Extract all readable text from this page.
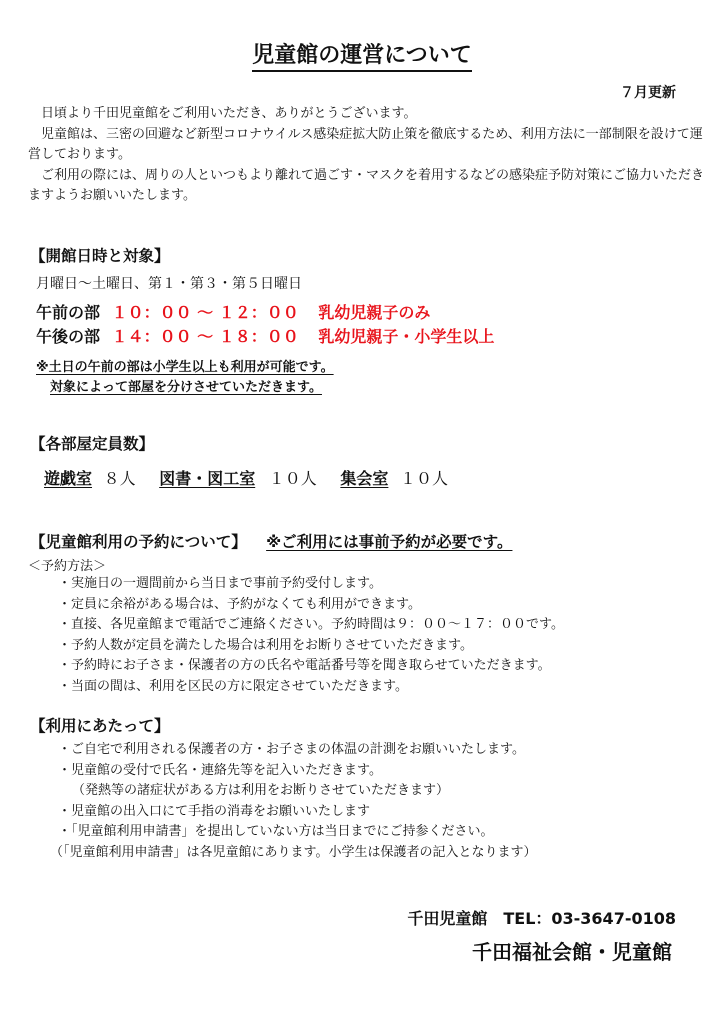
児童館の運営について
７月更新

日頃より千田児童館をご利用いただき、ありがとうございます。

児童館は、三密の回避など新型コロナウイルス感染症拡大防止策を徹底するため、利用方法に一部制限を設けて運営しております。

ご利用の際には、周りの人といつもより離れて過ごす・マスクを着用するなどの感染症予防対策にご協力いただきますようお願いいたします。

【開館日時と対象】
月曜日～土曜日、第１・第３・第５日曜日
午前の部 １０：００ ～ １２：００ 乳幼児親子のみ
午後の部 １４：００ ～ １８：００ 乳幼児親子・小学生以上
※土日の午前の部は小学生以上も利用が可能です。
対象によって部屋を分けさせていただきます。
【各部屋定員数】
遊戯室 ８人 図書・図工室 １０人 集会室 １０人
【児童館利用の予約について】 ※ご利用には事前予約が必要です。
＜予約方法＞
・実施日の一週間前から当日まで事前予約受付します。
・定員に余裕がある場合は、予約がなくても利用ができます。
・直接、各児童館まで電話でご連絡ください。予約時間は９：００～１７：００です。
・予約人数が定員を満たした場合は利用をお断りさせていただきます。
・予約時にお子さま・保護者の方の氏名や電話番号等を聞き取らせていただきます。
・当面の間は、利用を区民の方に限定させていただきます。
【利用にあたって】
・ご自宅で利用される保護者の方・お子さまの体温の計測をお願いいたします。
・児童館の受付で氏名・連絡先等を記入いただきます。
（発熱等の諸症状がある方は利用をお断りさせていただきます）
・児童館の出入口にて手指の消毒をお願いいたします
・「児童館利用申請書」を提出していない方は当日までにご持参ください。
（「児童館利用申請書」は各児童館にあります。小学生は保護者の記入となります）
千田児童館　TEL：03-3647-0108
千田福祉会館・児童館
